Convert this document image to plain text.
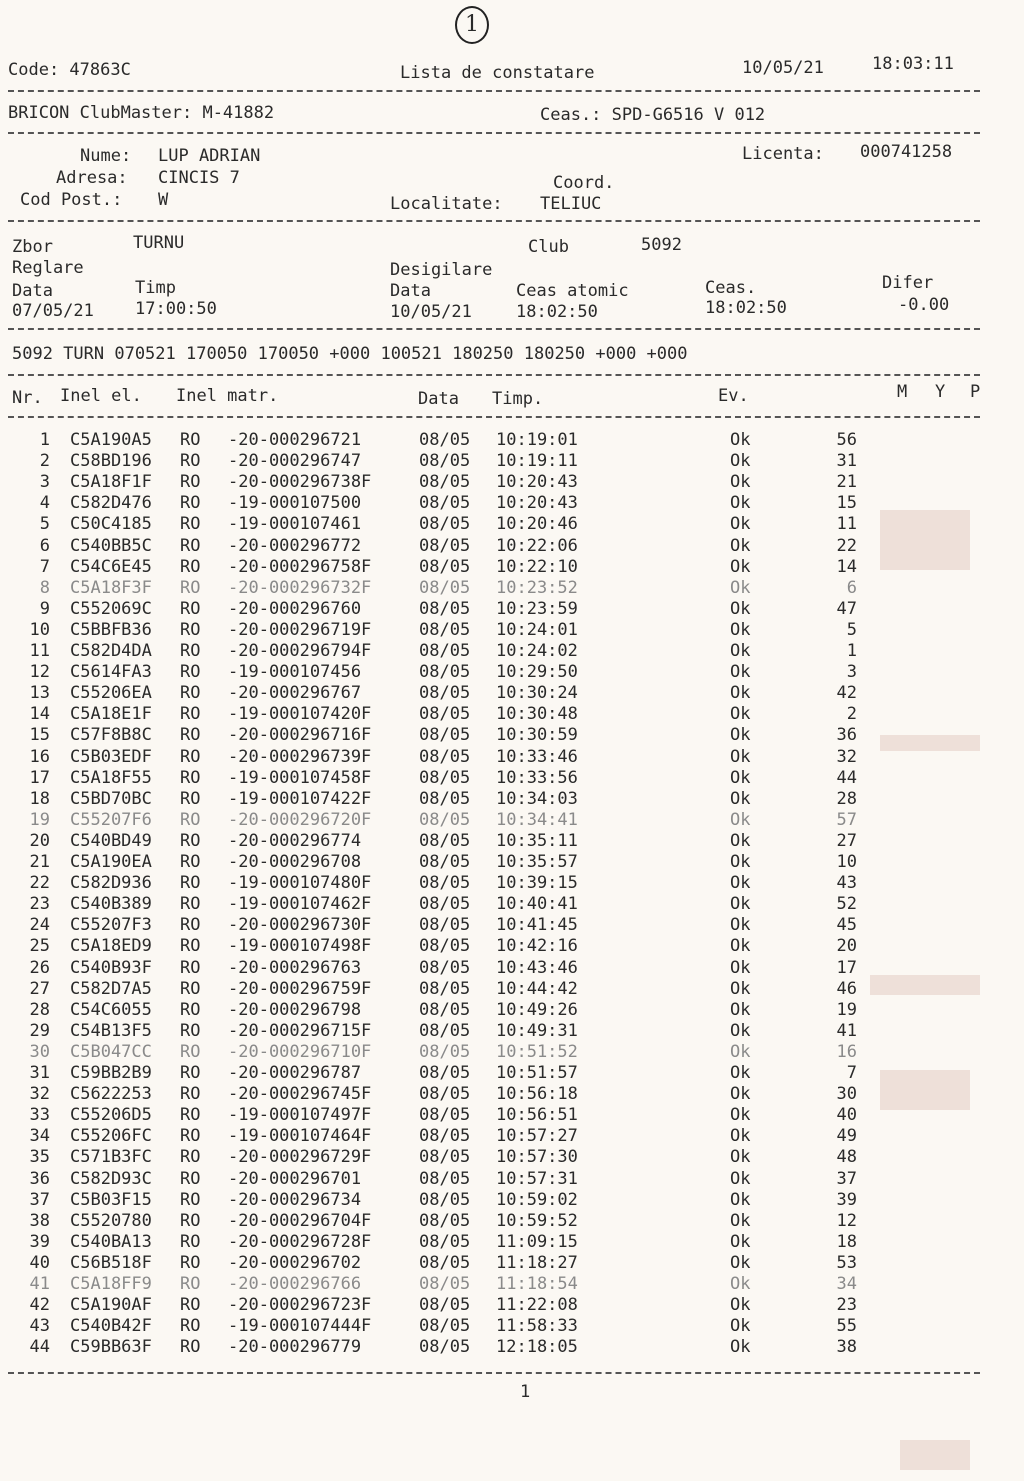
1
Code: 47863C	Lista de constatare	10/05/21	18:03:11
BRICON ClubMaster: M-41882	Ceas.: SPD-G6516 V 012
Nume: LUP ADRIAN	Licenta: 000741258
Adresa: CINCIS 7	Coord.
Cod Post.: W	Localitate: TELIUC
Zbor	TURNU	Club	5092
Reglare	Desigilare
Data	Timp	Data	Ceas atomic	Ceas.	Difer
07/05/21 17:00:50	10/05/21	18:02:50	18:02:50	-0.00
5092 TURN 070521 170050 170050 +000 100521 180250 180250 +000 +000
Nr. Inel el. Inel matr.	Data Timp.	Ev.	M Y P
1 C5A190A5 RO -20-000296721	08/05 10:19:01	Ok	56
2 C58BD196 RO -20-000296747	08/05 10:19:11	Ok	31
3 C5A18F1F RO -20-000296738F	08/05 10:20:43	Ok	21
4 C582D476 RO -19-000107500	08/05 10:20:43	Ok	15
5 C50C4185 RO -19-000107461	08/05 10:20:46	Ok	11
6 C540BB5C RO -20-000296772	08/05 10:22:06	Ok	22
7 C54C6E45 RO -20-000296758F	08/05 10:22:10	Ok	14
8 C5A18F3F RO -20-000296732F	08/05 10:23:52	Ok	6
9 C552069C RO -20-000296760	08/05 10:23:59	Ok	47
10 C5BBFB36 RO -20-000296719F	08/05 10:24:01	Ok	5
11 C582D4DA RO -20-000296794F	08/05 10:24:02	Ok	1
12 C5614FA3 RO -19-000107456	08/05 10:29:50	Ok	3
13 C55206EA RO -20-000296767	08/05 10:30:24	Ok	42
14 C5A18E1F RO -19-000107420F	08/05 10:30:48	Ok	2
15 C57F8B8C RO -20-000296716F	08/05 10:30:59	Ok	36
16 C5B03EDF RO -20-000296739F	08/05 10:33:46	Ok	32
17 C5A18F55 RO -19-000107458F	08/05 10:33:56	Ok	44
18 C5BD70BC RO -19-000107422F	08/05 10:34:03	Ok	28
19 C55207F6 RO -20-000296720F	08/05 10:34:41	Ok	57
20 C540BD49 RO -20-000296774	08/05 10:35:11	Ok	27
21 C5A190EA RO -20-000296708	08/05 10:35:57	Ok	10
22 C582D936 RO -19-000107480F	08/05 10:39:15	Ok	43
23 C540B389 RO -19-000107462F	08/05 10:40:41	Ok	52
24 C55207F3 RO -20-000296730F	08/05 10:41:45	Ok	45
25 C5A18ED9 RO -19-000107498F	08/05 10:42:16	Ok	20
26 C540B93F RO -20-000296763	08/05 10:43:46	Ok	17
27 C582D7A5 RO -20-000296759F	08/05 10:44:42	Ok	46
28 C54C6055 RO -20-000296798	08/05 10:49:26	Ok	19
29 C54B13F5 RO -20-000296715F	08/05 10:49:31	Ok	41
30 C5B047CC RO -20-000296710F	08/05 10:51:52	Ok	16
31 C59BB2B9 RO -20-000296787	08/05 10:51:57	Ok	7
32 C5622253 RO -20-000296745F	08/05 10:56:18	Ok	30
33 C55206D5 RO -19-000107497F	08/05 10:56:51	Ok	40
34 C55206FC RO -19-000107464F	08/05 10:57:27	Ok	49
35 C571B3FC RO -20-000296729F	08/05 10:57:30	Ok	48
36 C582D93C RO -20-000296701	08/05 10:57:31	Ok	37
37 C5B03F15 RO -20-000296734	08/05 10:59:02	Ok	39
38 C5520780 RO -20-000296704F	08/05 10:59:52	Ok	12
39 C540BA13 RO -20-000296728F	08/05 11:09:15	Ok	18
40 C56B518F RO -20-000296702	08/05 11:18:27	Ok	53
41 C5A18FF9 RO -20-000296766	08/05 11:18:54	Ok	34
42 C5A190AF RO -20-000296723F	08/05 11:22:08	Ok	23
43 C540B42F RO -19-000107444F	08/05 11:58:33	Ok	55
44 C59BB63F RO -20-000296779	08/05 12:18:05	Ok	38
1
